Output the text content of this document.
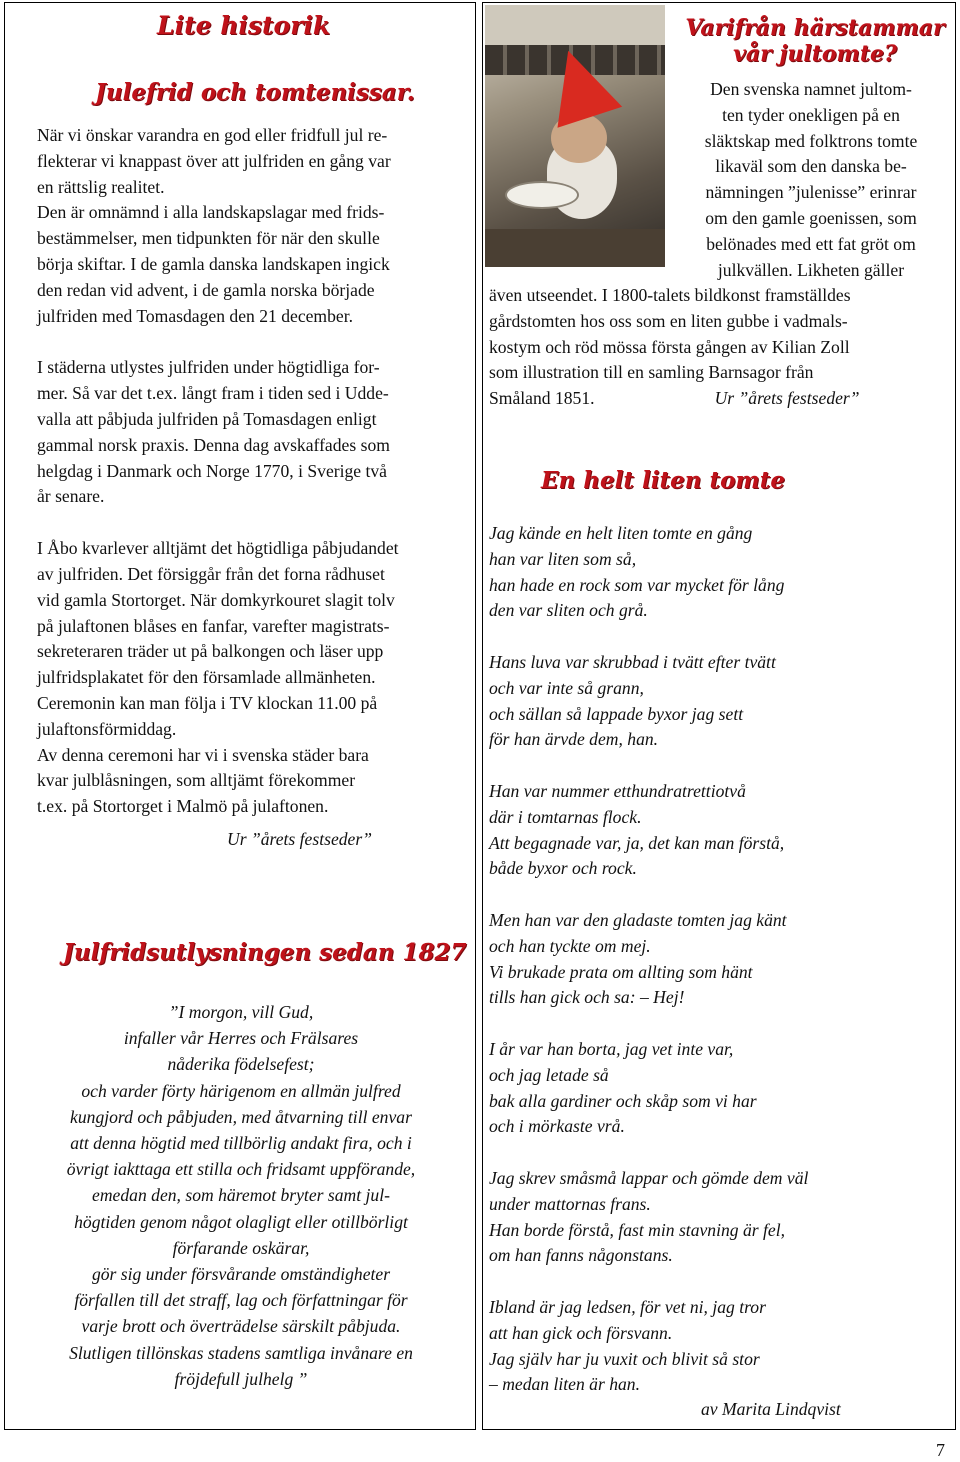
Lite historik
Julefrid och tomtenissar.
När vi önskar varandra en god eller fridfull jul re-
flekterar vi knappast över att julfriden en gång var
en rättslig realitet.
Den är omnämnd i alla landskapslagar med frids-
bestämmelser, men tidpunkten för när den skulle
börja skiftar. I de gamla danska landskapen ingick
den redan vid advent, i de gamla norska började
julfriden med Tomasdagen den 21 december.
I städerna utlystes julfriden under högtidliga for-
mer. Så var det t.ex. långt fram i tiden sed i Udde-
valla att påbjuda julfriden på Tomasdagen enligt
gammal norsk praxis. Denna dag avskaffades som
helgdag i Danmark och Norge 1770, i Sverige två
år senare.
I Åbo kvarlever alltjämt det högtidliga påbjudandet
av julfriden. Det försiggår från det forna rådhuset
vid gamla Stortorget. När domkyrkouret slagit tolv
på julaftonen blåses en fanfar, varefter magistrats-
sekreteraren träder ut på balkongen och läser upp
julfridsplakatet för den församlade allmänheten.
Ceremonin kan man följa i TV klockan 11.00 på
julaftonsförmiddag.
Av denna ceremoni har vi i svenska städer bara
kvar julblåsningen, som alltjämt förekommer
t.ex. på Stortorget i Malmö på julaftonen.
Ur ”årets festseder”
Julfridsutlysningen sedan 1827
”I morgon, vill Gud,
infaller vår Herres och Frälsares
nåderika födelsefest;
och varder förty härigenom en allmän julfred
kungjord och påbjuden, med åtvarning till envar
att denna högtid med tillbörlig andakt fira, och i
övrigt iakttaga ett stilla och fridsamt uppförande,
emedan den, som häremot bryter samt jul-
högtiden genom något olagligt eller otillbörligt
förfarande oskärar,
gör sig under försvårande omständigheter
förfallen till det straff, lag och författningar för
varje brott och överträdelse särskilt påbjuda.
Slutligen tillönskas stadens samtliga invånare en
fröjdefull julhelg ”
Varifrån härstammar
vår jultomte?
Den svenska namnet jultom-
ten tyder onekligen på en
släktskap med folktrons tomte
likaväl som den danska be-
nämningen ”julenisse” erinrar
om den gamle goenissen, som
belönades med ett fat gröt om
julkvällen. Likheten gäller
även utseendet. I 1800-talets bildkonst framställdes
gårdstomten hos oss som en liten gubbe i vadmals-
kostym och röd mössa första gången av Kilian Zoll
som illustration till en samling Barnsagor från
Småland 1851.	Ur ”årets festseder”
En helt liten tomte
Jag kände en helt liten tomte en gång
han var liten som så,
han hade en rock som var mycket för lång
den var sliten och grå.
Hans luva var skrubbad i tvätt efter tvätt
och var inte så grann,
och sällan så lappade byxor jag sett
för han ärvde dem, han.
Han var nummer etthundratrettiotvå
där i tomtarnas flock.
Att begagnade var, ja, det kan man förstå,
både byxor och rock.
Men han var den gladaste tomten jag känt
och han tyckte om mej.
Vi brukade prata om allting som hänt
tills han gick och sa: – Hej!
I år var han borta, jag vet inte var,
och jag letade så
bak alla gardiner och skåp som vi har
och i mörkaste vrå.
Jag skrev småsmå lappar och gömde dem väl
under mattornas frans.
Han borde förstå, fast min stavning är fel,
om han fanns någonstans.
Ibland är jag ledsen, för vet ni, jag tror
att han gick och försvann.
Jag själv har ju vuxit och blivit så stor
– medan liten är han.
av Marita Lindqvist
7
